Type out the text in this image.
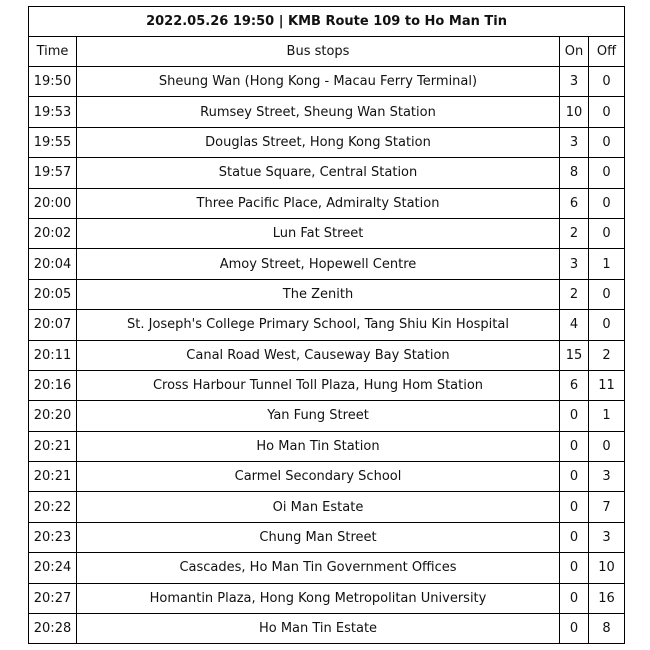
2022.05.26 19:50 | KMB Route 109 to Ho Man Tin			
Time	Bus stops	On	Off
19:50	Sheung Wan (Hong Kong - Macau Ferry Terminal)	3	0
19:53	Rumsey Street, Sheung Wan Station	10	0
19:55	Douglas Street, Hong Kong Station	3	0
19:57	Statue Square, Central Station	8	0
20:00	Three Pacific Place, Admiralty Station	6	0
20:02	Lun Fat Street	2	0
20:04	Amoy Street, Hopewell Centre	3	1
20:05	The Zenith	2	0
20:07	St. Joseph's College Primary School, Tang Shiu Kin Hospital	4	0
20:11	Canal Road West, Causeway Bay Station	15	2
20:16	Cross Harbour Tunnel Toll Plaza, Hung Hom Station	6	11
20:20	Yan Fung Street	0	1
20:21	Ho Man Tin Station	0	0
20:21	Carmel Secondary School	0	3
20:22	Oi Man Estate	0	7
20:23	Chung Man Street	0	3
20:24	Cascades, Ho Man Tin Government Offices	0	10
20:27	Homantin Plaza, Hong Kong Metropolitan University	0	16
20:28	Ho Man Tin Estate	0	8
